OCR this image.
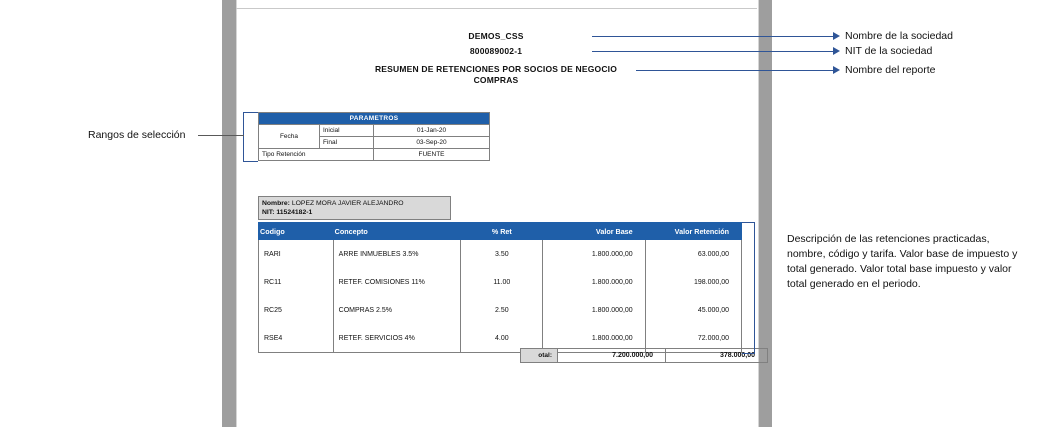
DEMOS_CSS
800089002-1
RESUMEN DE RETENCIONES POR SOCIOS DE NEGOCIO
COMPRAS
Nombre de la sociedad
NIT de la sociedad
Nombre del reporte
Rangos de selección
PARAMETROS		
Fecha	Inicial	01-Jan-20
	Final	03-Sep-20
Tipo Retención		FUENTE
Nombre: LOPEZ MORA JAVIER ALEJANDRO
NIT: 11524182-1
Codigo	Concepto	% Ret	Valor Base	Valor Retención
RARI	ARRE INMUEBLES 3.5%	3.50	1.800.000,00	63.000,00
RC11	RETEF. COMISIONES 11%	11.00	1.800.000,00	198.000,00
RC25	COMPRAS 2.5%	2.50	1.800.000,00	45.000,00
RSE4	RETEF. SERVICIOS 4%	4.00	1.800.000,00	72.000,00
otal:	7.200.000,00	378.000,00
Descripción de las retenciones practicadas, nombre, código y tarifa. Valor base de impuesto y total generado. Valor total base impuesto y valor total generado en el periodo.
